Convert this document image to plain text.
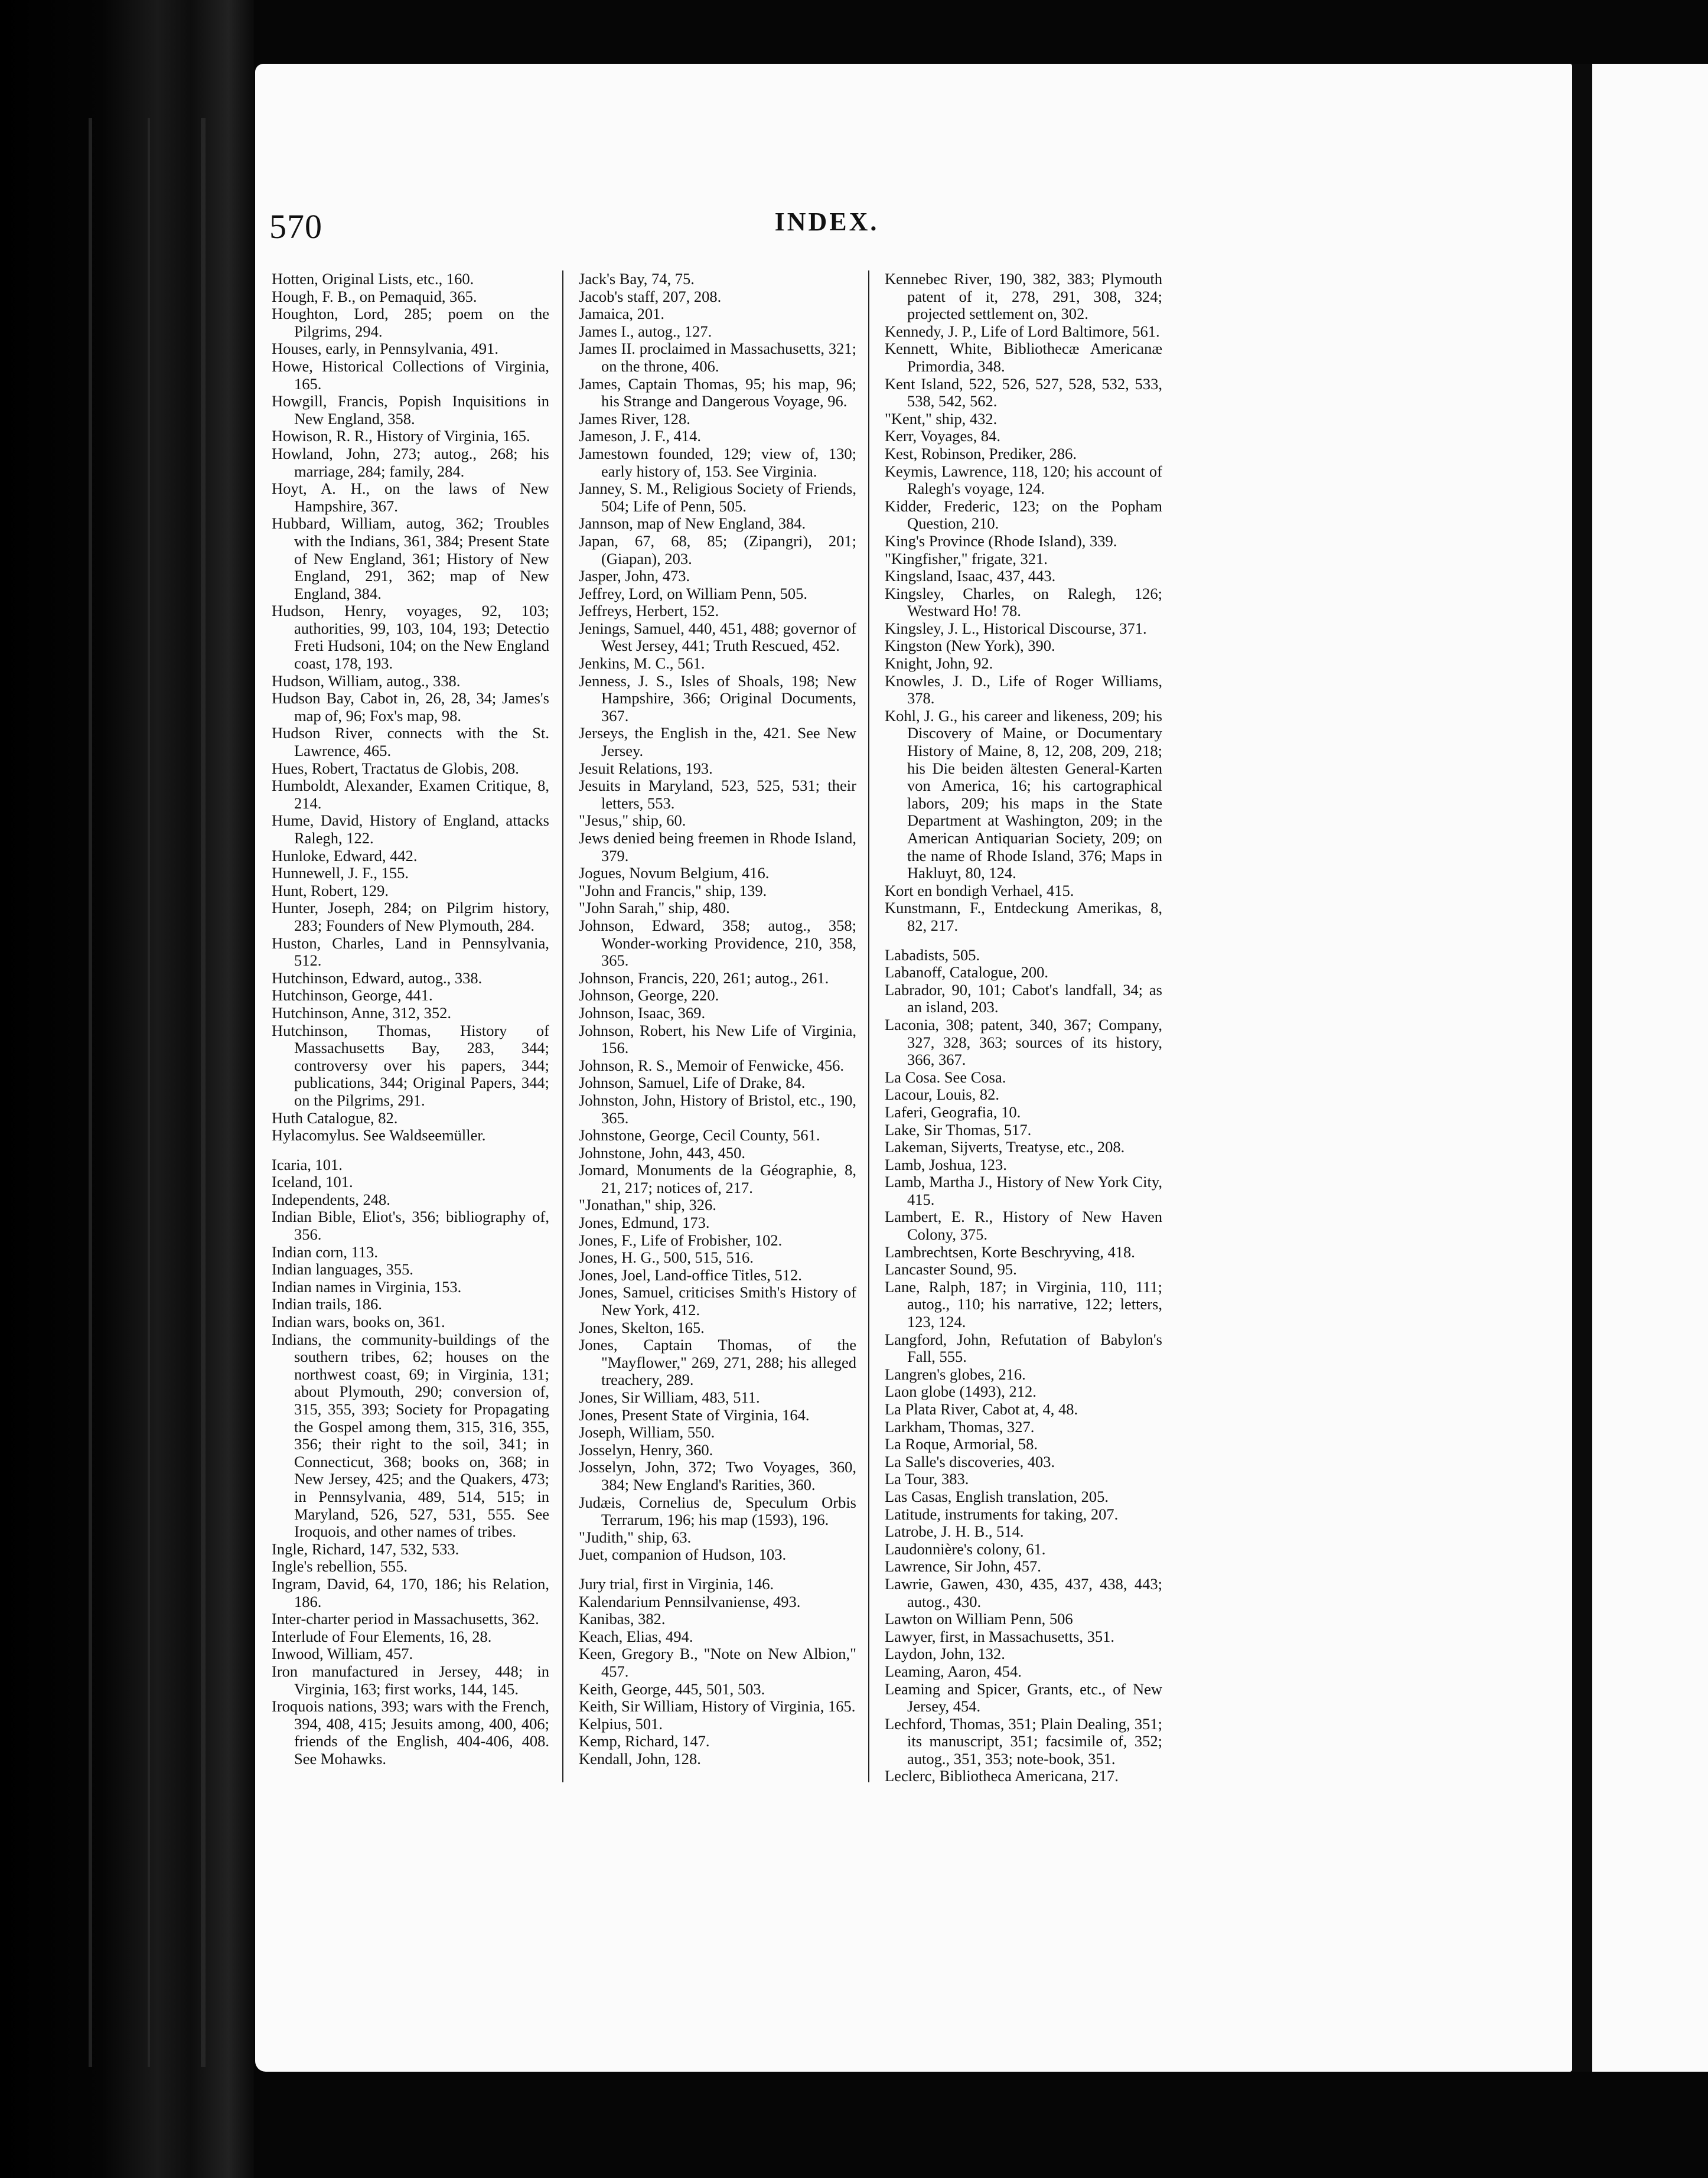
570	INDEX.
Hotten, Original Lists, etc., 160.
Hough, F. B., on Pemaquid, 365.
Houghton, Lord, 285; poem on the Pilgrims, 294.
Houses, early, in Pennsylvania, 491.
Howe, Historical Collections of Virginia, 165.
Howgill, Francis, Popish Inquisitions in New England, 358.
Howison, R. R., History of Virginia, 165.
Howland, John, 273; autog., 268; his marriage, 284; family, 284.
Hoyt, A. H., on the laws of New Hampshire, 367.
Hubbard, William, autog, 362; Troubles with the Indians, 361, 384; Present State of New England, 361; History of New England, 291, 362; map of New England, 384.
Hudson, Henry, voyages, 92, 103; authorities, 99, 103, 104, 193; Detectio Freti Hudsoni, 104; on the New England coast, 178, 193.
Hudson, William, autog., 338.
Hudson Bay, Cabot in, 26, 28, 34; James's map of, 96; Fox's map, 98.
Hudson River, connects with the St. Lawrence, 465.
Hues, Robert, Tractatus de Globis, 208.
Humboldt, Alexander, Examen Critique, 8, 214.
Hume, David, History of England, attacks Ralegh, 122.
Hunloke, Edward, 442.
Hunnewell, J. F., 155.
Hunt, Robert, 129.
Hunter, Joseph, 284; on Pilgrim history, 283; Founders of New Plymouth, 284.
Huston, Charles, Land in Pennsylvania, 512.
Hutchinson, Edward, autog., 338.
Hutchinson, George, 441.
Hutchinson, Anne, 312, 352.
Hutchinson, Thomas, History of Massachusetts Bay, 283, 344; controversy over his papers, 344; publications, 344; Original Papers, 344; on the Pilgrims, 291.
Huth Catalogue, 82.
Hylacomylus. See Waldseemüller.
Icaria, 101.
Iceland, 101.
Independents, 248.
Indian Bible, Eliot's, 356; bibliography of, 356.
Indian corn, 113.
Indian languages, 355.
Indian names in Virginia, 153.
Indian trails, 186.
Indian wars, books on, 361.
Indians, the community-buildings of the southern tribes, 62; houses on the northwest coast, 69; in Virginia, 131; about Plymouth, 290; conversion of, 315, 355, 393; Society for Propagating the Gospel among them, 315, 316, 355, 356; their right to the soil, 341; in Connecticut, 368; books on, 368; in New Jersey, 425; and the Quakers, 473; in Pennsylvania, 489, 514, 515; in Maryland, 526, 527, 531, 555. See Iroquois, and other names of tribes.
Ingle, Richard, 147, 532, 533.
Ingle's rebellion, 555.
Ingram, David, 64, 170, 186; his Relation, 186.
Inter-charter period in Massachusetts, 362.
Interlude of Four Elements, 16, 28.
Inwood, William, 457.
Iron manufactured in Jersey, 448; in Virginia, 163; first works, 144, 145.
Iroquois nations, 393; wars with the French, 394, 408, 415; Jesuits among, 400, 406; friends of the English, 404-406, 408. See Mohawks.
Jack's Bay, 74, 75.
Jacob's staff, 207, 208.
Jamaica, 201.
James I., autog., 127.
James II. proclaimed in Massachusetts, 321; on the throne, 406.
James, Captain Thomas, 95; his map, 96; his Strange and Dangerous Voyage, 96.
James River, 128.
Jameson, J. F., 414.
Jamestown founded, 129; view of, 130; early history of, 153. See Virginia.
Janney, S. M., Religious Society of Friends, 504; Life of Penn, 505.
Jannson, map of New England, 384.
Japan, 67, 68, 85; (Zipangri), 201; (Giapan), 203.
Jasper, John, 473.
Jeffrey, Lord, on William Penn, 505.
Jeffreys, Herbert, 152.
Jenings, Samuel, 440, 451, 488; governor of West Jersey, 441; Truth Rescued, 452.
Jenkins, M. C., 561.
Jenness, J. S., Isles of Shoals, 198; New Hampshire, 366; Original Documents, 367.
Jerseys, the English in the, 421. See New Jersey.
Jesuit Relations, 193.
Jesuits in Maryland, 523, 525, 531; their letters, 553.
"Jesus," ship, 60.
Jews denied being freemen in Rhode Island, 379.
Jogues, Novum Belgium, 416.
"John and Francis," ship, 139.
"John Sarah," ship, 480.
Johnson, Edward, 358; autog., 358; Wonder-working Providence, 210, 358, 365.
Johnson, Francis, 220, 261; autog., 261.
Johnson, George, 220.
Johnson, Isaac, 369.
Johnson, Robert, his New Life of Virginia, 156.
Johnson, R. S., Memoir of Fenwicke, 456.
Johnson, Samuel, Life of Drake, 84.
Johnston, John, History of Bristol, etc., 190, 365.
Johnstone, George, Cecil County, 561.
Johnstone, John, 443, 450.
Jomard, Monuments de la Géographie, 8, 21, 217; notices of, 217.
"Jonathan," ship, 326.
Jones, Edmund, 173.
Jones, F., Life of Frobisher, 102.
Jones, H. G., 500, 515, 516.
Jones, Joel, Land-office Titles, 512.
Jones, Samuel, criticises Smith's History of New York, 412.
Jones, Skelton, 165.
Jones, Captain Thomas, of the "Mayflower," 269, 271, 288; his alleged treachery, 289.
Jones, Sir William, 483, 511.
Jones, Present State of Virginia, 164.
Joseph, William, 550.
Josselyn, Henry, 360.
Josselyn, John, 372; Two Voyages, 360, 384; New England's Rarities, 360.
Judæis, Cornelius de, Speculum Orbis Terrarum, 196; his map (1593), 196.
"Judith," ship, 63.
Juet, companion of Hudson, 103.
Jury trial, first in Virginia, 146.
Kalendarium Pennsilvaniense, 493.
Kanibas, 382.
Keach, Elias, 494.
Keen, Gregory B., "Note on New Albion," 457.
Keith, George, 445, 501, 503.
Keith, Sir William, History of Virginia, 165.
Kelpius, 501.
Kemp, Richard, 147.
Kendall, John, 128.
Kennebec River, 190, 382, 383; Plymouth patent of it, 278, 291, 308, 324; projected settlement on, 302.
Kennedy, J. P., Life of Lord Baltimore, 561.
Kennett, White, Bibliothecæ Americanæ Primordia, 348.
Kent Island, 522, 526, 527, 528, 532, 533, 538, 542, 562.
"Kent," ship, 432.
Kerr, Voyages, 84.
Kest, Robinson, Prediker, 286.
Keymis, Lawrence, 118, 120; his account of Ralegh's voyage, 124.
Kidder, Frederic, 123; on the Popham Question, 210.
King's Province (Rhode Island), 339.
"Kingfisher," frigate, 321.
Kingsland, Isaac, 437, 443.
Kingsley, Charles, on Ralegh, 126; Westward Ho! 78.
Kingsley, J. L., Historical Discourse, 371.
Kingston (New York), 390.
Knight, John, 92.
Knowles, J. D., Life of Roger Williams, 378.
Kohl, J. G., his career and likeness, 209; his Discovery of Maine, or Documentary History of Maine, 8, 12, 208, 209, 218; his Die beiden ältesten General-Karten von America, 16; his cartographical labors, 209; his maps in the State Department at Washington, 209; in the American Antiquarian Society, 209; on the name of Rhode Island, 376; Maps in Hakluyt, 80, 124.
Kort en bondigh Verhael, 415.
Kunstmann, F., Entdeckung Amerikas, 8, 82, 217.
Labadists, 505.
Labanoff, Catalogue, 200.
Labrador, 90, 101; Cabot's landfall, 34; as an island, 203.
Laconia, 308; patent, 340, 367; Company, 327, 328, 363; sources of its history, 366, 367.
La Cosa. See Cosa.
Lacour, Louis, 82.
Laferi, Geografia, 10.
Lake, Sir Thomas, 517.
Lakeman, Sijverts, Treatyse, etc., 208.
Lamb, Joshua, 123.
Lamb, Martha J., History of New York City, 415.
Lambert, E. R., History of New Haven Colony, 375.
Lambrechtsen, Korte Beschryving, 418.
Lancaster Sound, 95.
Lane, Ralph, 187; in Virginia, 110, 111; autog., 110; his narrative, 122; letters, 123, 124.
Langford, John, Refutation of Babylon's Fall, 555.
Langren's globes, 216.
Laon globe (1493), 212.
La Plata River, Cabot at, 4, 48.
Larkham, Thomas, 327.
La Roque, Armorial, 58.
La Salle's discoveries, 403.
La Tour, 383.
Las Casas, English translation, 205.
Latitude, instruments for taking, 207.
Latrobe, J. H. B., 514.
Laudonnière's colony, 61.
Lawrence, Sir John, 457.
Lawrie, Gawen, 430, 435, 437, 438, 443; autog., 430.
Lawton on William Penn, 506
Lawyer, first, in Massachusetts, 351.
Laydon, John, 132.
Leaming, Aaron, 454.
Leaming and Spicer, Grants, etc., of New Jersey, 454.
Lechford, Thomas, 351; Plain Dealing, 351; its manuscript, 351; facsimile of, 352; autog., 351, 353; note-book, 351.
Leclerc, Bibliotheca Americana, 217.
